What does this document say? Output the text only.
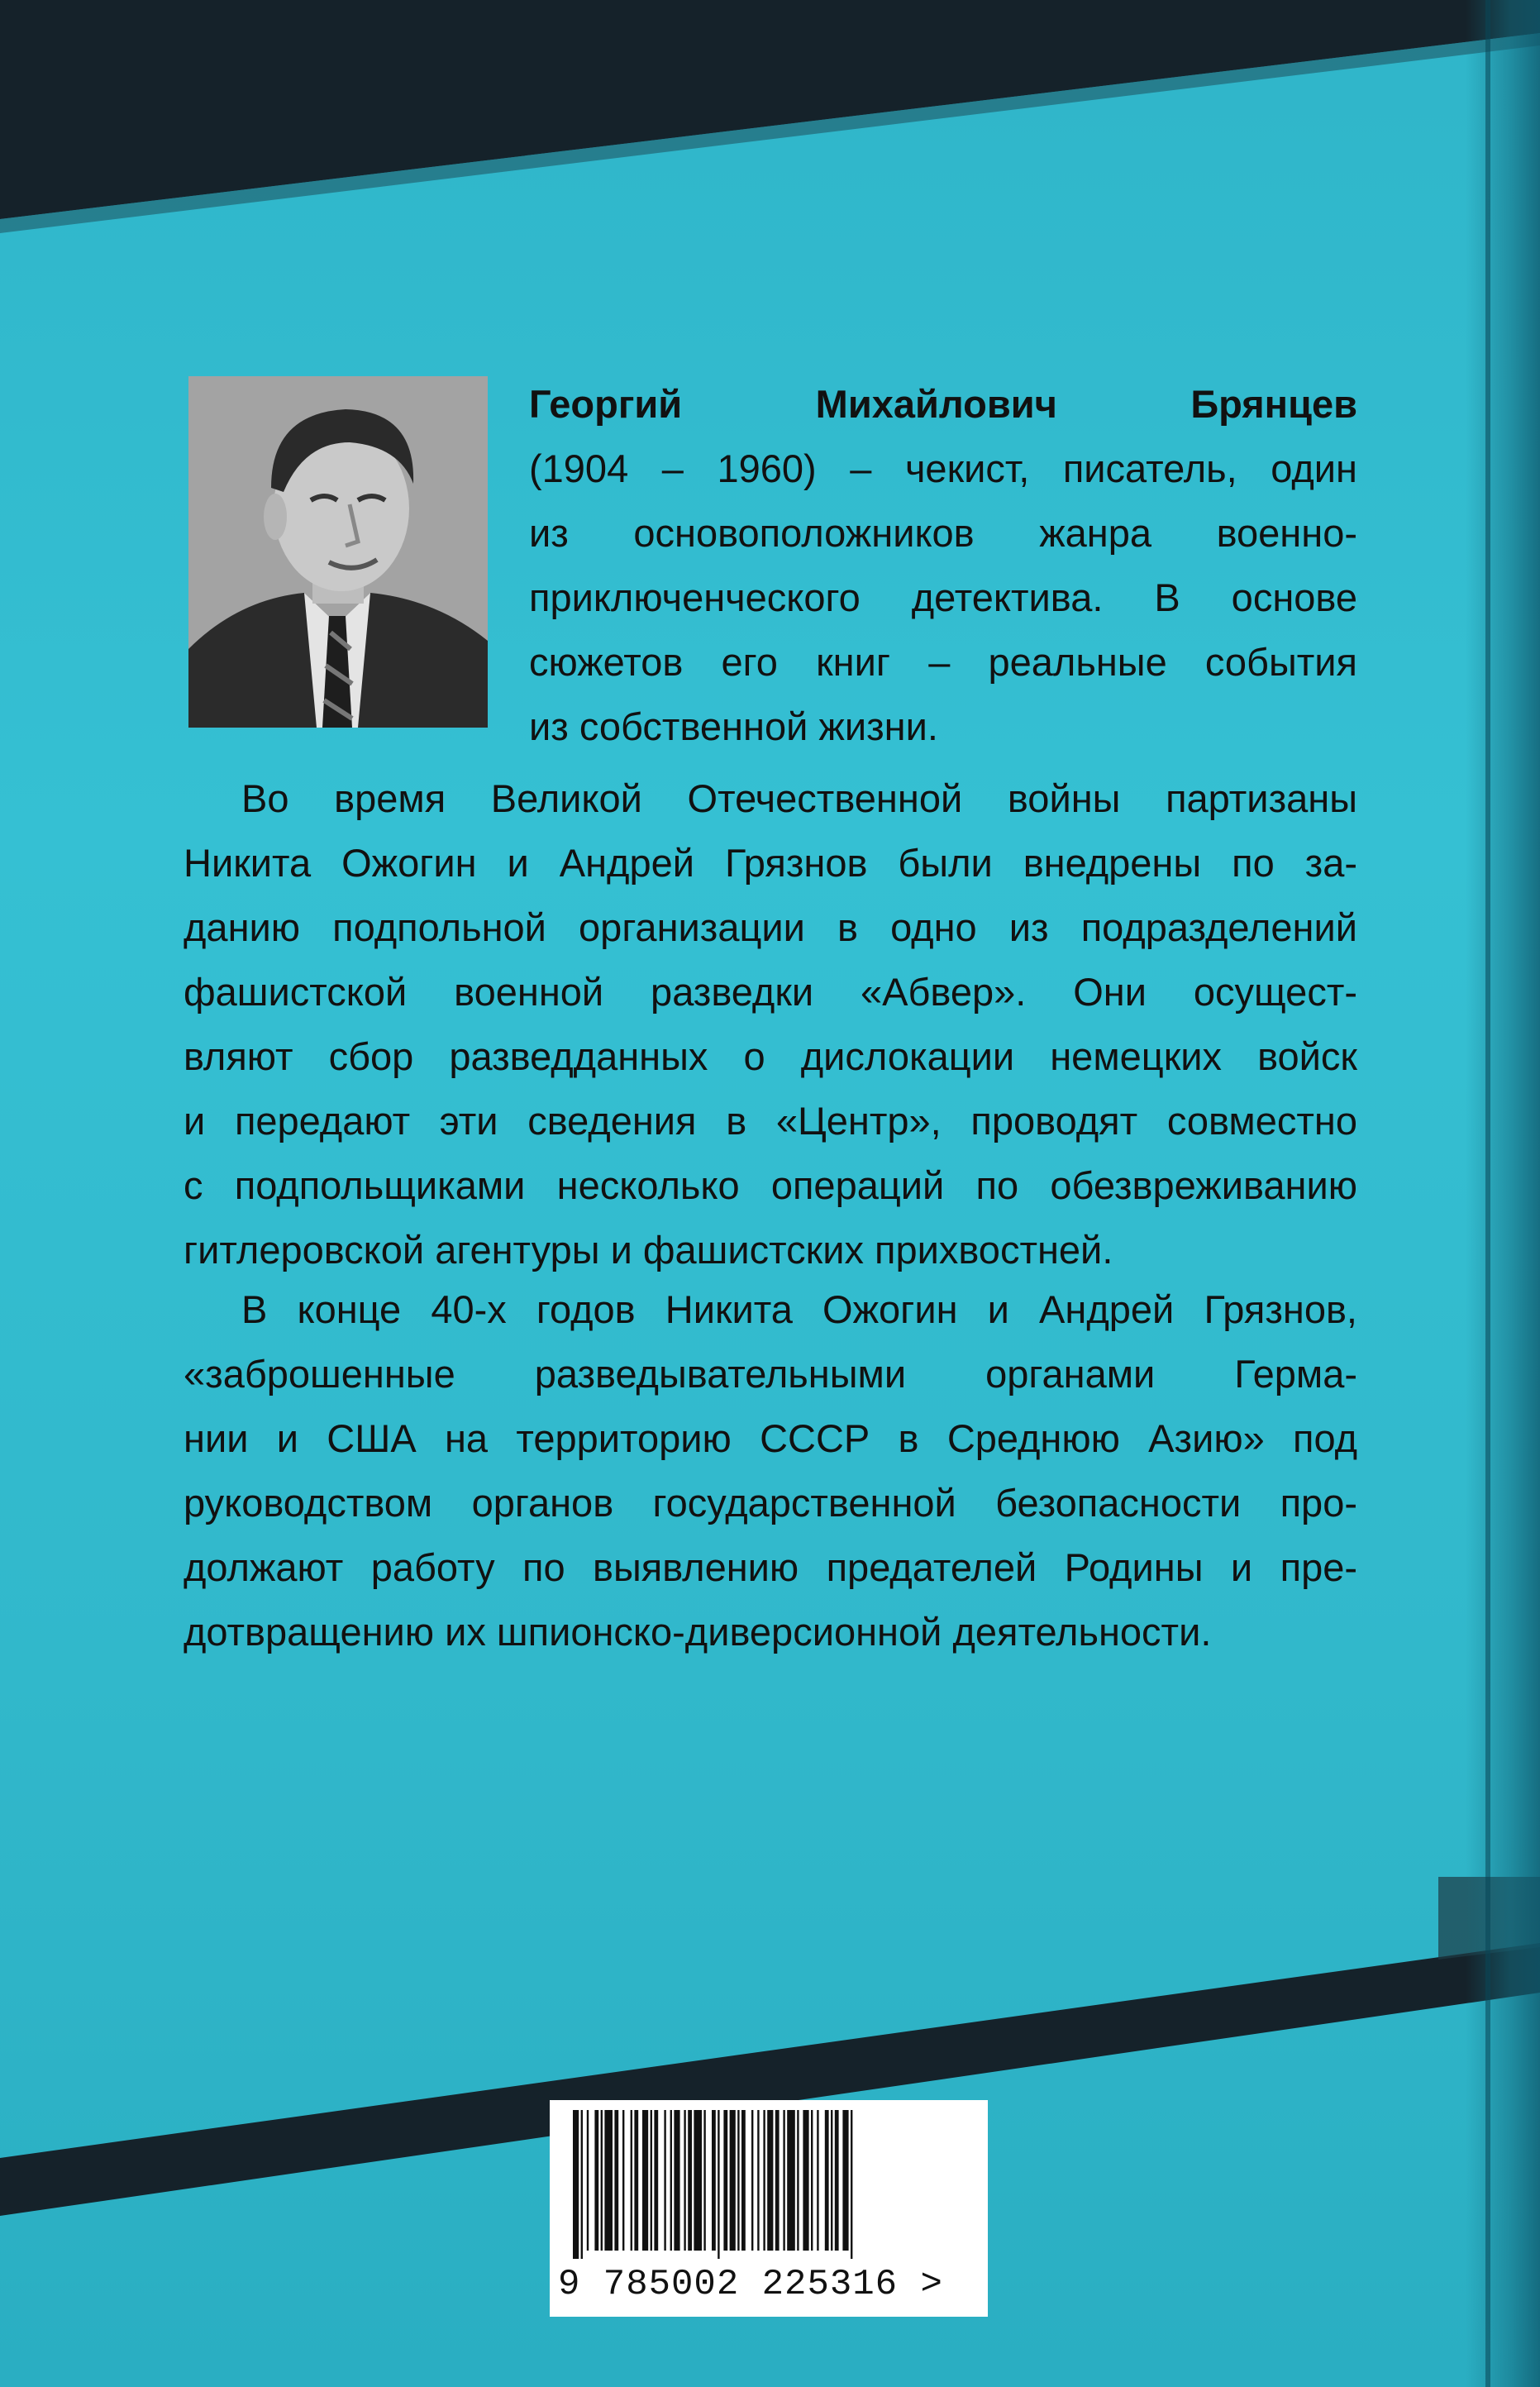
Георгий Михайлович Брянцев
(1904 – 1960) – чекист, писатель, один
из основоположников жанра военно-
приключенческого детектива. В основе
сюжетов его книг – реальные события
из собственной жизни.
Во время Великой Отечественной войны партизаны
Никита Ожогин и Андрей Грязнов были внедрены по за-
данию подпольной организации в одно из подразделений
фашистской военной разведки «Абвер». Они осущест-
вляют сбор разведданных о дислокации немецких войск
и передают эти сведения в «Центр», проводят совместно
с подпольщиками несколько операций по обезвреживанию
гитлеровской агентуры и фашистских прихвостней.
В конце 40-х годов Никита Ожогин и Андрей Грязнов,
«заброшенные разведывательными органами Герма-
нии и США на территорию СССР в Среднюю Азию» под
руководством органов государственной безопасности про-
должают работу по выявлению предателей Родины и пре-
дотвращению их шпионско-диверсионной деятельности.
9 785002 225316 >
